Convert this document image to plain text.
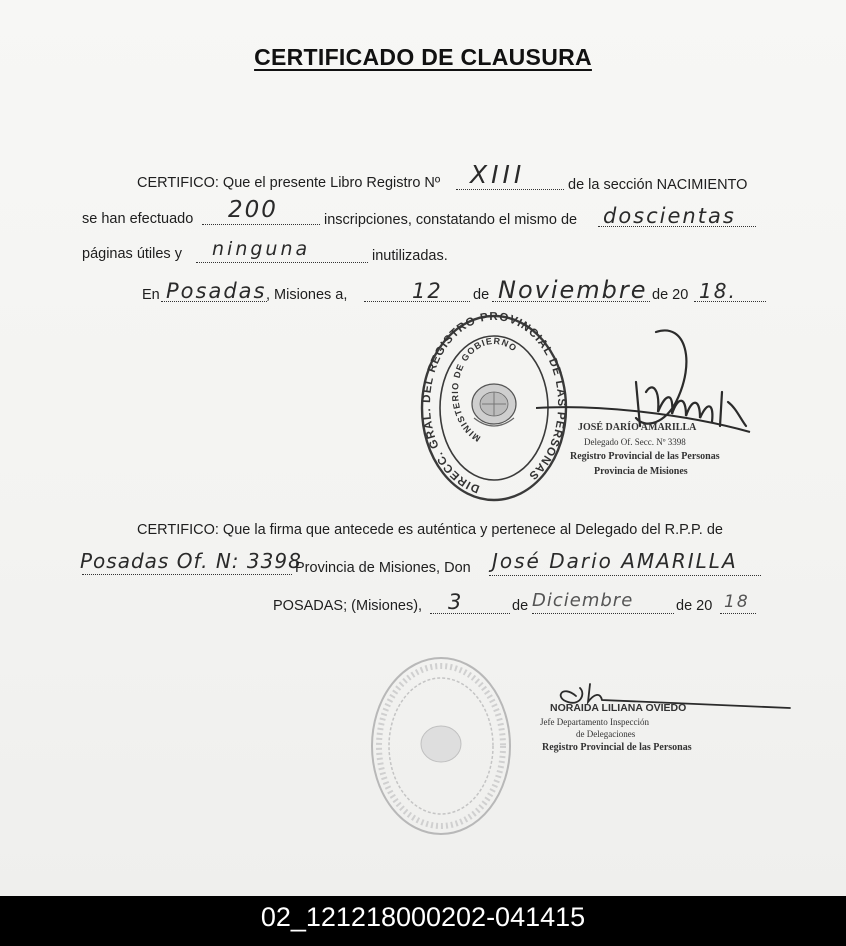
CERTIFICADO DE CLAUSURA
CERTIFICO: Que el presente Libro Registro Nº XIII	de la sección NACIMIENTO
se han efectuado 200	inscripciones, constatando el mismo de doscientas
páginas útiles y ninguna	inutilizadas.
En Posadas , Misiones a,	12 de Noviembre de 20 18.
DIRECC. GRAL. DEL REGISTRO PROVINCIAL DE LAS PERSONAS
MINISTERIO DE GOBIERNO
JOSÉ DARÍO AMARILLA
Delegado Of. Secc. Nº 3398
Registro Provincial de las Personas
Provincia de Misiones
CERTIFICO: Que la firma que antecede es auténtica y pertenece al Delegado del R.P.P. de
Posadas Of. N: 3398
Provincia de Misiones, Don José Dario AMARILLA
POSADAS; (Misiones), 3	de Diciembre	de 20 18
NORAIDA LILIANA OVIEDO
Jefe Departamento Inspección
de Delegaciones
Registro Provincial de las Personas
02_121218000202-041415
